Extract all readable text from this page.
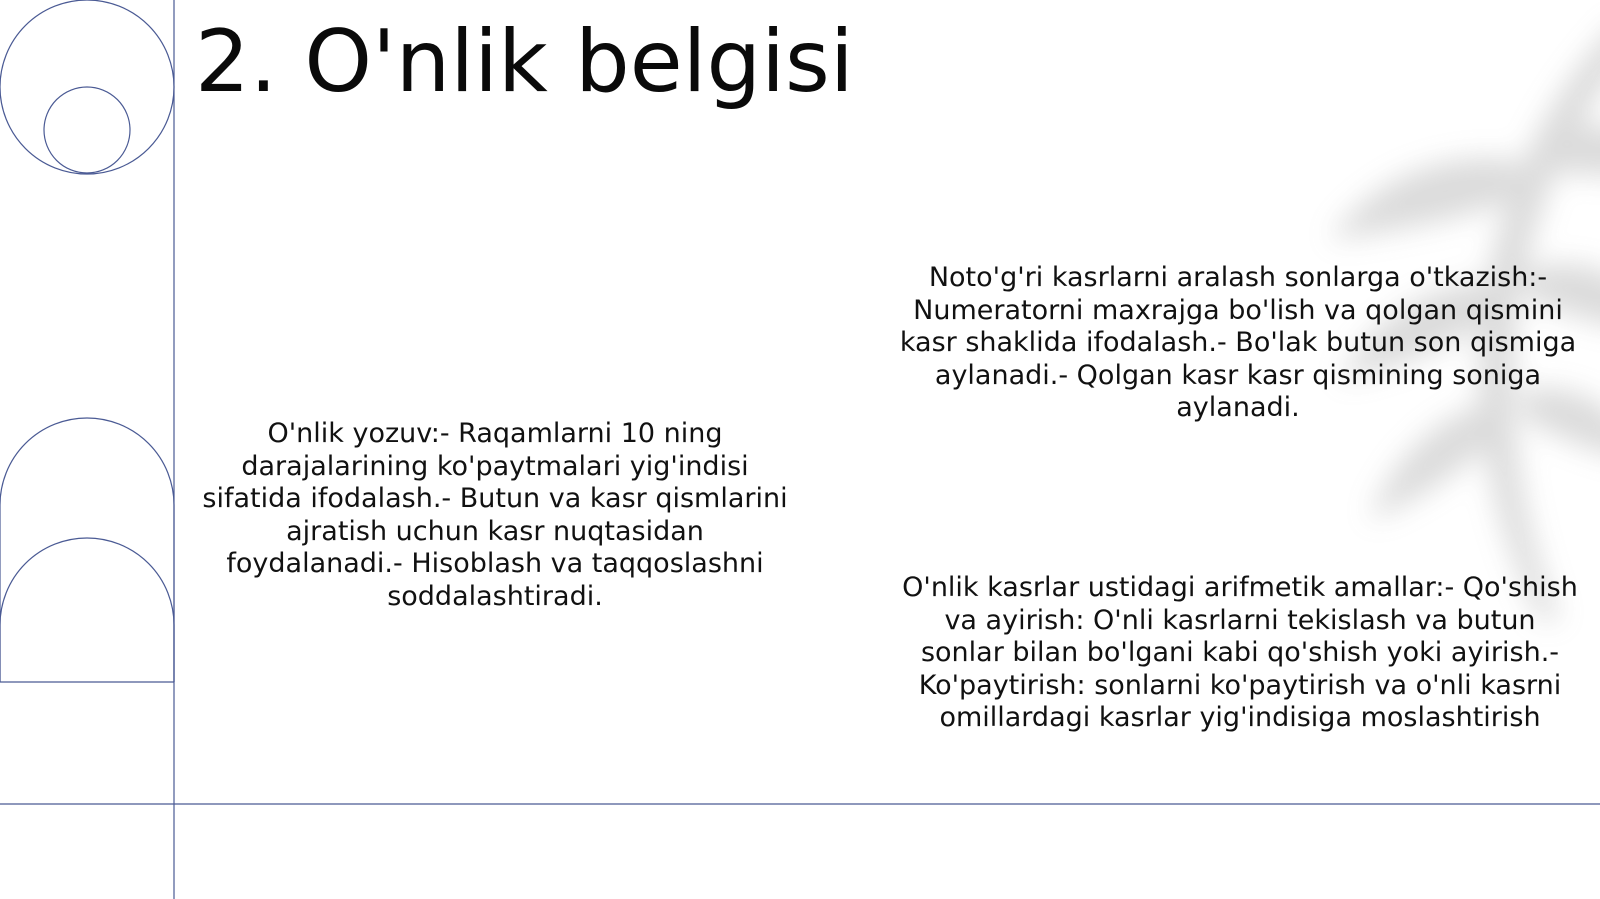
2. O'nlik belgisi
O'nlik yozuv:- Raqamlarni 10 ning darajalarining ko'paytmalari yig'indisi sifatida ifodalash.- Butun va kasr qismlarini ajratish uchun kasr nuqtasidan foydalanadi.- Hisoblash va taqqoslashni soddalashtiradi.
Noto'g'ri kasrlarni aralash sonlarga o'tkazish:- Numeratorni maxrajga bo'lish va qolgan qismini kasr shaklida ifodalash.- Bo'lak butun son qismiga aylanadi.- Qolgan kasr kasr qismining soniga aylanadi.
O'nlik kasrlar ustidagi arifmetik amallar:- Qo'shish va ayirish: O'nli kasrlarni tekislash va butun sonlar bilan bo'lgani kabi qo'shish yoki ayirish.- Ko'paytirish: sonlarni ko'paytirish va o'nli kasrni omillardagi kasrlar yig'indisiga moslashtirish
